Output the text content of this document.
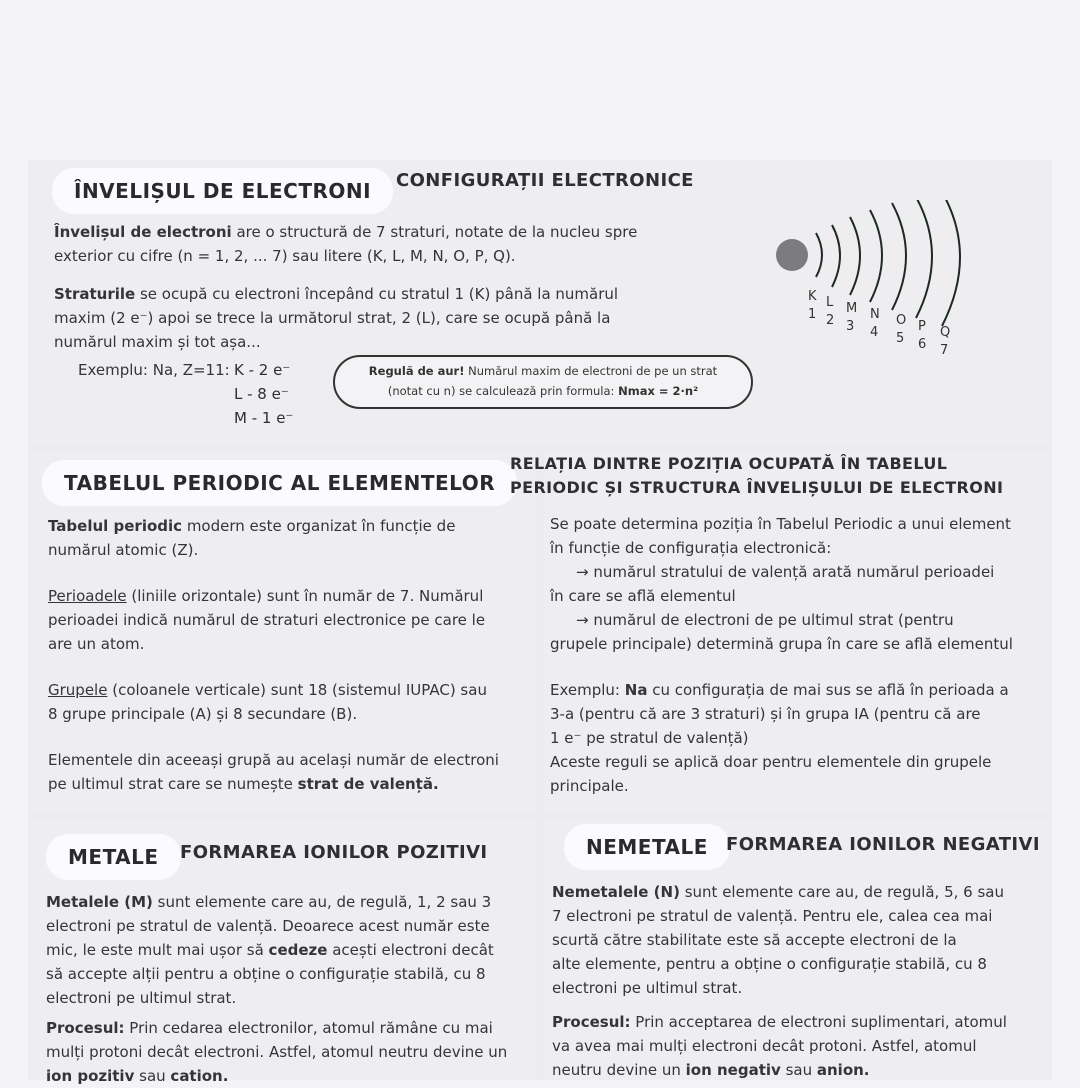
ÎNVELIȘUL DE ELECTRONI	CONFIGURAȚII ELECTRONICE
Învelișul de electroni are o structură de 7 straturi, notate de la nucleu spre
exterior cu cifre (n = 1, 2, ... 7) sau litere (K, L, M, N, O, P, Q).
Straturile se ocupă cu electroni începând cu stratul 1 (K) până la numărul
maxim (2 e⁻) apoi se trece la următorul strat, 2 (L), care se ocupă până la
numărul maxim și tot așa...
Exemplu: Na, Z=11: K - 2 e⁻
L - 8 e⁻
M - 1 e⁻
Regulă de aur! Numărul maxim de electroni de pe un strat
(notat cu n) se calculează prin formula: Nmax = 2·n²
K
1
L
2
M
3
N
4
O
5
P
6
Q
7
TABELUL PERIODIC AL ELEMENTELOR
Tabelul periodic modern este organizat în funcție de
numărul atomic (Z).
Perioadele (liniile orizontale) sunt în număr de 7. Numărul
perioadei indică numărul de straturi electronice pe care le
are un atom.
Grupele (coloanele verticale) sunt 18 (sistemul IUPAC) sau
8 grupe principale (A) și 8 secundare (B).
Elementele din aceeași grupă au același număr de electroni
pe ultimul strat care se numește strat de valență.
RELAȚIA DINTRE POZIȚIA OCUPATĂ ÎN TABELUL
PERIODIC ȘI STRUCTURA ÎNVELIȘULUI DE ELECTRONI
Se poate determina poziția în Tabelul Periodic a unui element
în funcție de configurația electronică:
→ numărul stratului de valență arată numărul perioadei
în care se află elementul
→ numărul de electroni de pe ultimul strat (pentru
grupele principale) determină grupa în care se află elementul
Exemplu: Na cu configurația de mai sus se află în perioada a
3-a (pentru că are 3 straturi) și în grupa IA (pentru că are
1 e⁻ pe stratul de valență)
Aceste reguli se aplică doar pentru elementele din grupele
principale.
METALE	FORMAREA IONILOR POZITIVI
Metalele (M) sunt elemente care au, de regulă, 1, 2 sau 3
electroni pe stratul de valență. Deoarece acest număr este
mic, le este mult mai ușor să cedeze acești electroni decât
să accepte alții pentru a obține o configurație stabilă, cu 8
electroni pe ultimul strat.
Procesul: Prin cedarea electronilor, atomul rămâne cu mai
mulți protoni decât electroni. Astfel, atomul neutru devine un
ion pozitiv sau cation.
NEMETALE	FORMAREA IONILOR NEGATIVI
Nemetalele (N) sunt elemente care au, de regulă, 5, 6 sau
7 electroni pe stratul de valență. Pentru ele, calea cea mai
scurtă către stabilitate este să accepte electroni de la
alte elemente, pentru a obține o configurație stabilă, cu 8
electroni pe ultimul strat.
Procesul: Prin acceptarea de electroni suplimentari, atomul
va avea mai mulți electroni decât protoni. Astfel, atomul
neutru devine un ion negativ sau anion.
